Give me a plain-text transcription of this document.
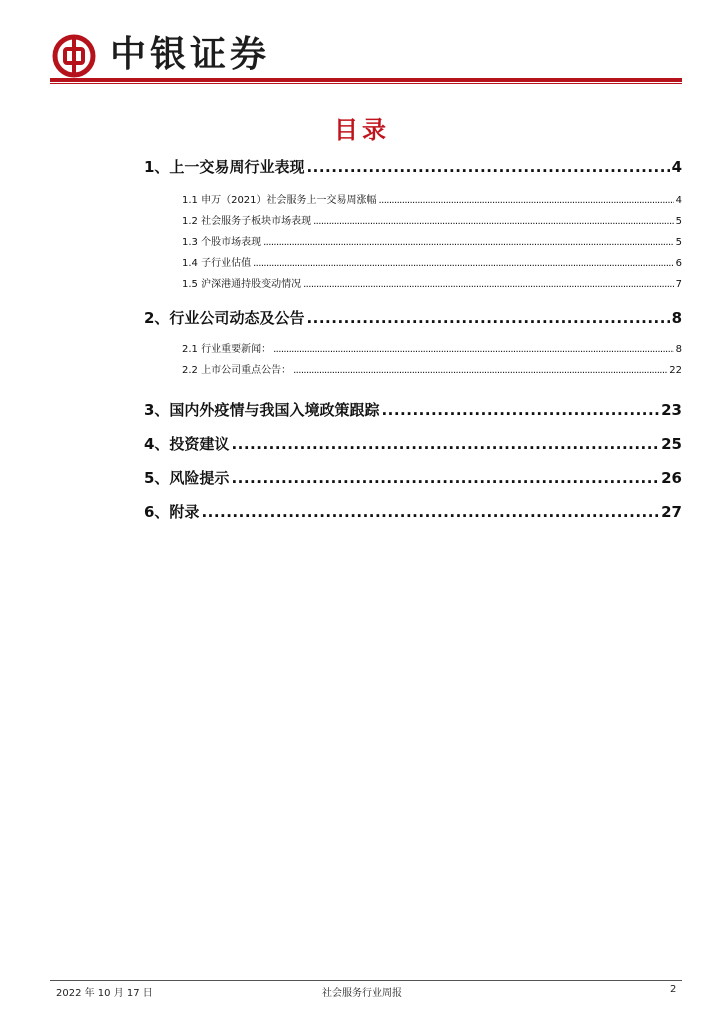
中银证券
目录
1、上一交易周行业表现 .....	4
1.1 申万（2021）社会服务上一交易周涨幅 .....	4
1.2 社会服务子板块市场表现 .....	5
1.3 个股市场表现 .....	5
1.4 子行业估值 .....	6
1.5 沪深港通持股变动情况 .....	7
2、行业公司动态及公告 .....	8
2.1 行业重要新闻： .....	8
2.2 上市公司重点公告： .....	22
3、国内外疫情与我国入境政策跟踪 .....	23
4、投资建议 .....	25
5、风险提示 .....	26
6、附录 .....	27
2022 年 10 月 17 日	社会服务行业周报	2
